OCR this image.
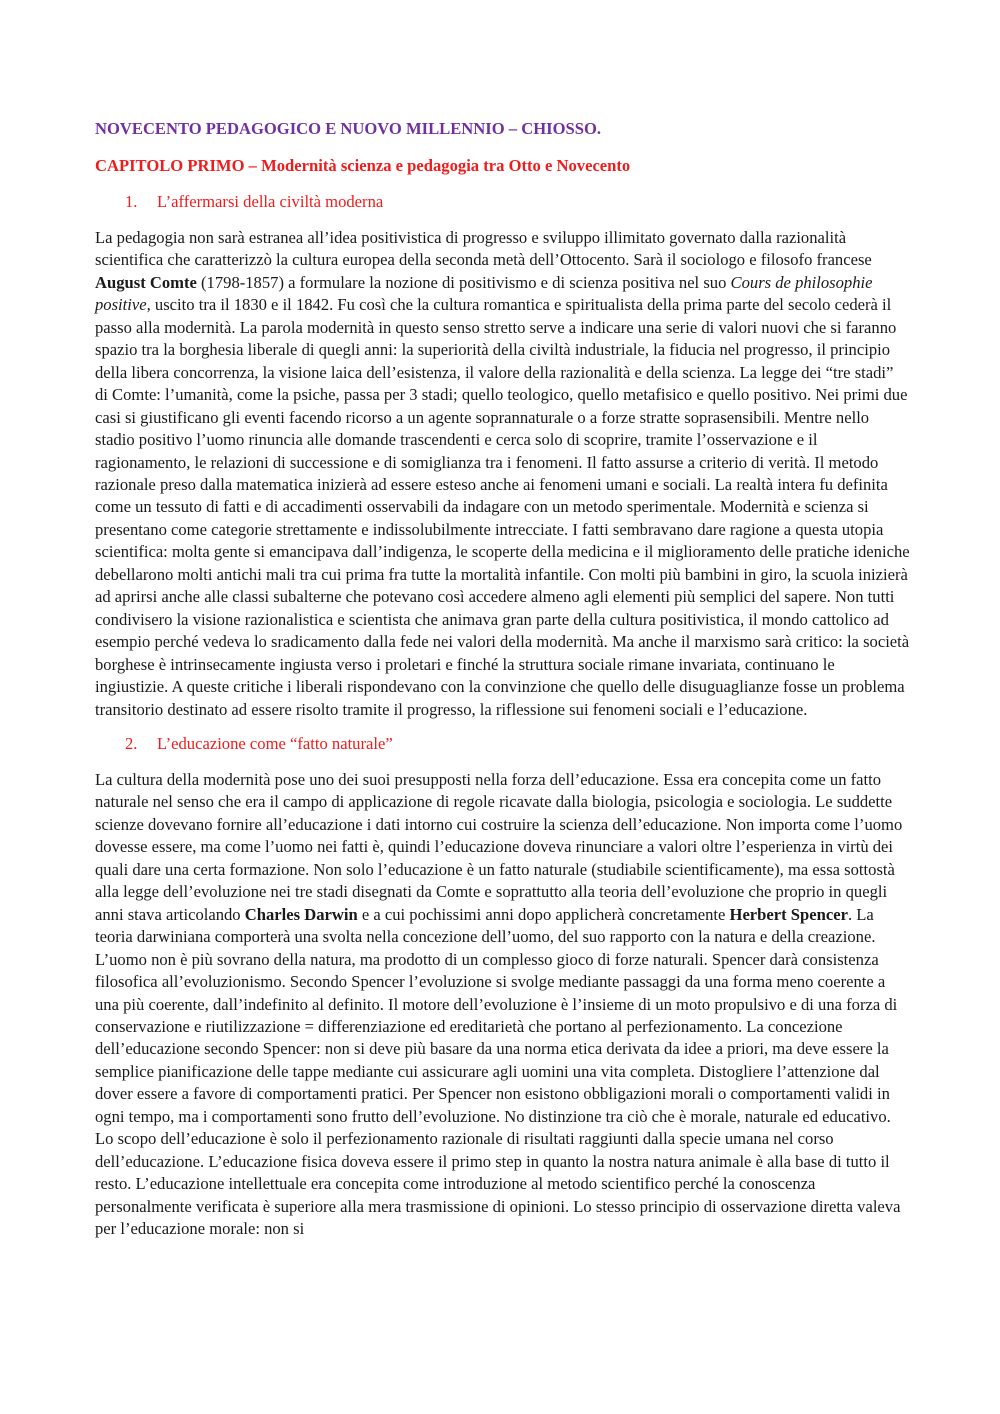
NOVECENTO PEDAGOGICO E NUOVO MILLENNIO – CHIOSSO.
CAPITOLO PRIMO – Modernità scienza e pedagogia tra Otto e Novecento
1.	L’affermarsi della civiltà moderna

La pedagogia non sarà estranea all’idea positivistica di progresso e sviluppo illimitato governato dalla razionalità scientifica che caratterizzò la cultura europea della seconda metà dell’Ottocento. Sarà il sociologo e filosofo francese August Comte (1798-1857) a formulare la nozione di positivismo e di scienza positiva nel suo Cours de philosophie positive, uscito tra il 1830 e il 1842. Fu così che la cultura romantica e spiritualista della prima parte del secolo cederà il passo alla modernità. La parola modernità in questo senso stretto serve a indicare una serie di valori nuovi che si faranno spazio tra la borghesia liberale di quegli anni: la superiorità della civiltà industriale, la fiducia nel progresso, il principio della libera concorrenza, la visione laica dell’esistenza, il valore della razionalità e della scienza. La legge dei “tre stadi” di Comte: l’umanità, come la psiche, passa per 3 stadi; quello teologico, quello metafisico e quello positivo. Nei primi due casi si giustificano gli eventi facendo ricorso a un agente soprannaturale o a forze stratte soprasensibili. Mentre nello stadio positivo l’uomo rinuncia alle domande trascendenti e cerca solo di scoprire, tramite l’osservazione e il ragionamento, le relazioni di successione e di somiglianza tra i fenomeni. Il fatto assurse a criterio di verità. Il metodo razionale preso dalla matematica inizierà ad essere esteso anche ai fenomeni umani e sociali. La realtà intera fu definita come un tessuto di fatti e di accadimenti osservabili da indagare con un metodo sperimentale. Modernità e scienza si presentano come categorie strettamente e indissolubilmente intrecciate. I fatti sembravano dare ragione a questa utopia scientifica: molta gente si emancipava dall’indigenza, le scoperte della medicina e il miglioramento delle pratiche ideniche debellarono molti antichi mali tra cui prima fra tutte la mortalità infantile. Con molti più bambini in giro, la scuola inizierà ad aprirsi anche alle classi subalterne che potevano così accedere almeno agli elementi più semplici del sapere. Non tutti condivisero la visione razionalistica e scientista che animava gran parte della cultura positivistica, il mondo cattolico ad esempio perché vedeva lo sradicamento dalla fede nei valori della modernità. Ma anche il marxismo sarà critico: la società borghese è intrinsecamente ingiusta verso i proletari e finché la struttura sociale rimane invariata, continuano le ingiustizie. A queste critiche i liberali rispondevano con la convinzione che quello delle disuguaglianze fosse un problema transitorio destinato ad essere risolto tramite il progresso, la riflessione sui fenomeni sociali e l’educazione.

2.	L’educazione come “fatto naturale”

La cultura della modernità pose uno dei suoi presupposti nella forza dell’educazione. Essa era concepita come un fatto naturale nel senso che era il campo di applicazione di regole ricavate dalla biologia, psicologia e sociologia. Le suddette scienze dovevano fornire all’educazione i dati intorno cui costruire la scienza dell’educazione. Non importa come l’uomo dovesse essere, ma come l’uomo nei fatti è, quindi l’educazione doveva rinunciare a valori oltre l’esperienza in virtù dei quali dare una certa formazione. Non solo l’educazione è un fatto naturale (studiabile scientificamente), ma essa sottostà alla legge dell’evoluzione nei tre stadi disegnati da Comte e soprattutto alla teoria dell’evoluzione che proprio in quegli anni stava articolando Charles Darwin e a cui pochissimi anni dopo applicherà concretamente Herbert Spencer. La teoria darwiniana comporterà una svolta nella concezione dell’uomo, del suo rapporto con la natura e della creazione. L’uomo non è più sovrano della natura, ma prodotto di un complesso gioco di forze naturali. Spencer darà consistenza filosofica all’evoluzionismo. Secondo Spencer l’evoluzione si svolge mediante passaggi da una forma meno coerente a una più coerente, dall’indefinito al definito. Il motore dell’evoluzione è l’insieme di un moto propulsivo e di una forza di conservazione e riutilizzazione = differenziazione ed ereditarietà che portano al perfezionamento. La concezione dell’educazione secondo Spencer: non si deve più basare da una norma etica derivata da idee a priori, ma deve essere la semplice pianificazione delle tappe mediante cui assicurare agli uomini una vita completa. Distogliere l’attenzione dal dover essere a favore di comportamenti pratici. Per Spencer non esistono obbligazioni morali o comportamenti validi in ogni tempo, ma i comportamenti sono frutto dell’evoluzione. No distinzione tra ciò che è morale, naturale ed educativo. Lo scopo dell’educazione è solo il perfezionamento razionale di risultati raggiunti dalla specie umana nel corso dell’educazione. L’educazione fisica doveva essere il primo step in quanto la nostra natura animale è alla base di tutto il resto. L’educazione intellettuale era concepita come introduzione al metodo scientifico perché la conoscenza personalmente verificata è superiore alla mera trasmissione di opinioni. Lo stesso principio di osservazione diretta valeva per l’educazione morale: non si
